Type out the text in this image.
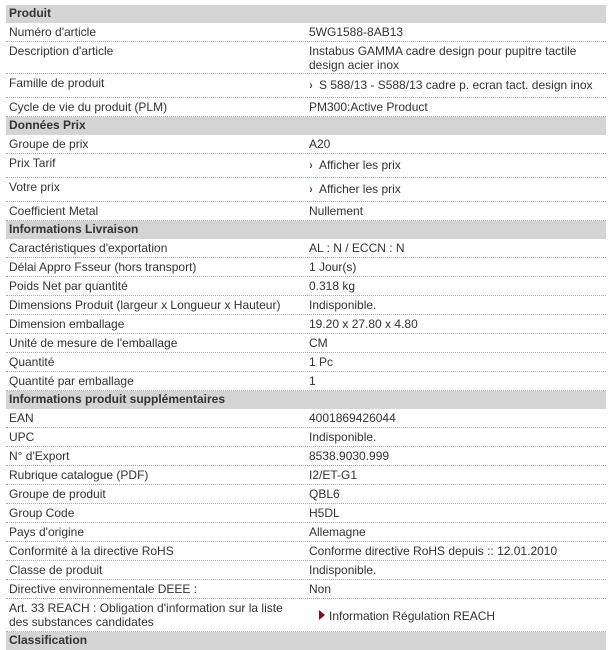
Produit
Numéro d'article	5WG1588-8AB13
Description d'article	Instabus GAMMA cadre design pour pupitre tactile design acier inox
Famille de produit	› S 588/13 - S588/13 cadre p. ecran tact. design inox
Cycle de vie du produit (PLM)	PM300:Active Product
Données Prix
Groupe de prix	A20
Prix Tarif	› Afficher les prix
Votre prix	› Afficher les prix
Coefficient Metal	Nullement
Informations Livraison
Caractéristiques d'exportation	AL : N / ECCN : N
Délai Appro Fsseur (hors transport)	1 Jour(s)
Poids Net par quantité	0.318 kg
Dimensions Produit (largeur x Longueur x Hauteur)	Indisponible.
Dimension emballage	19.20 x 27.80 x 4.80
Unité de mesure de l'emballage	CM
Quantité	1 Pc
Quantité par emballage	1
Informations produit supplémentaires
EAN	4001869426044
UPC	Indisponible.
N° d'Export	8538.9030.999
Rubrique catalogue (PDF)	I2/ET-G1
Groupe de produit	QBL6
Group Code	H5DL
Pays d'origine	Allemagne
Conformité à la directive RoHS	Conforme directive RoHS depuis :: 12.01.2010
Classe de produit	Indisponible.
Directive environnementale DEEE :	Non
Art. 33 REACH : Obligation d'information sur la liste des substances candidates	Information Régulation REACH
Classification
